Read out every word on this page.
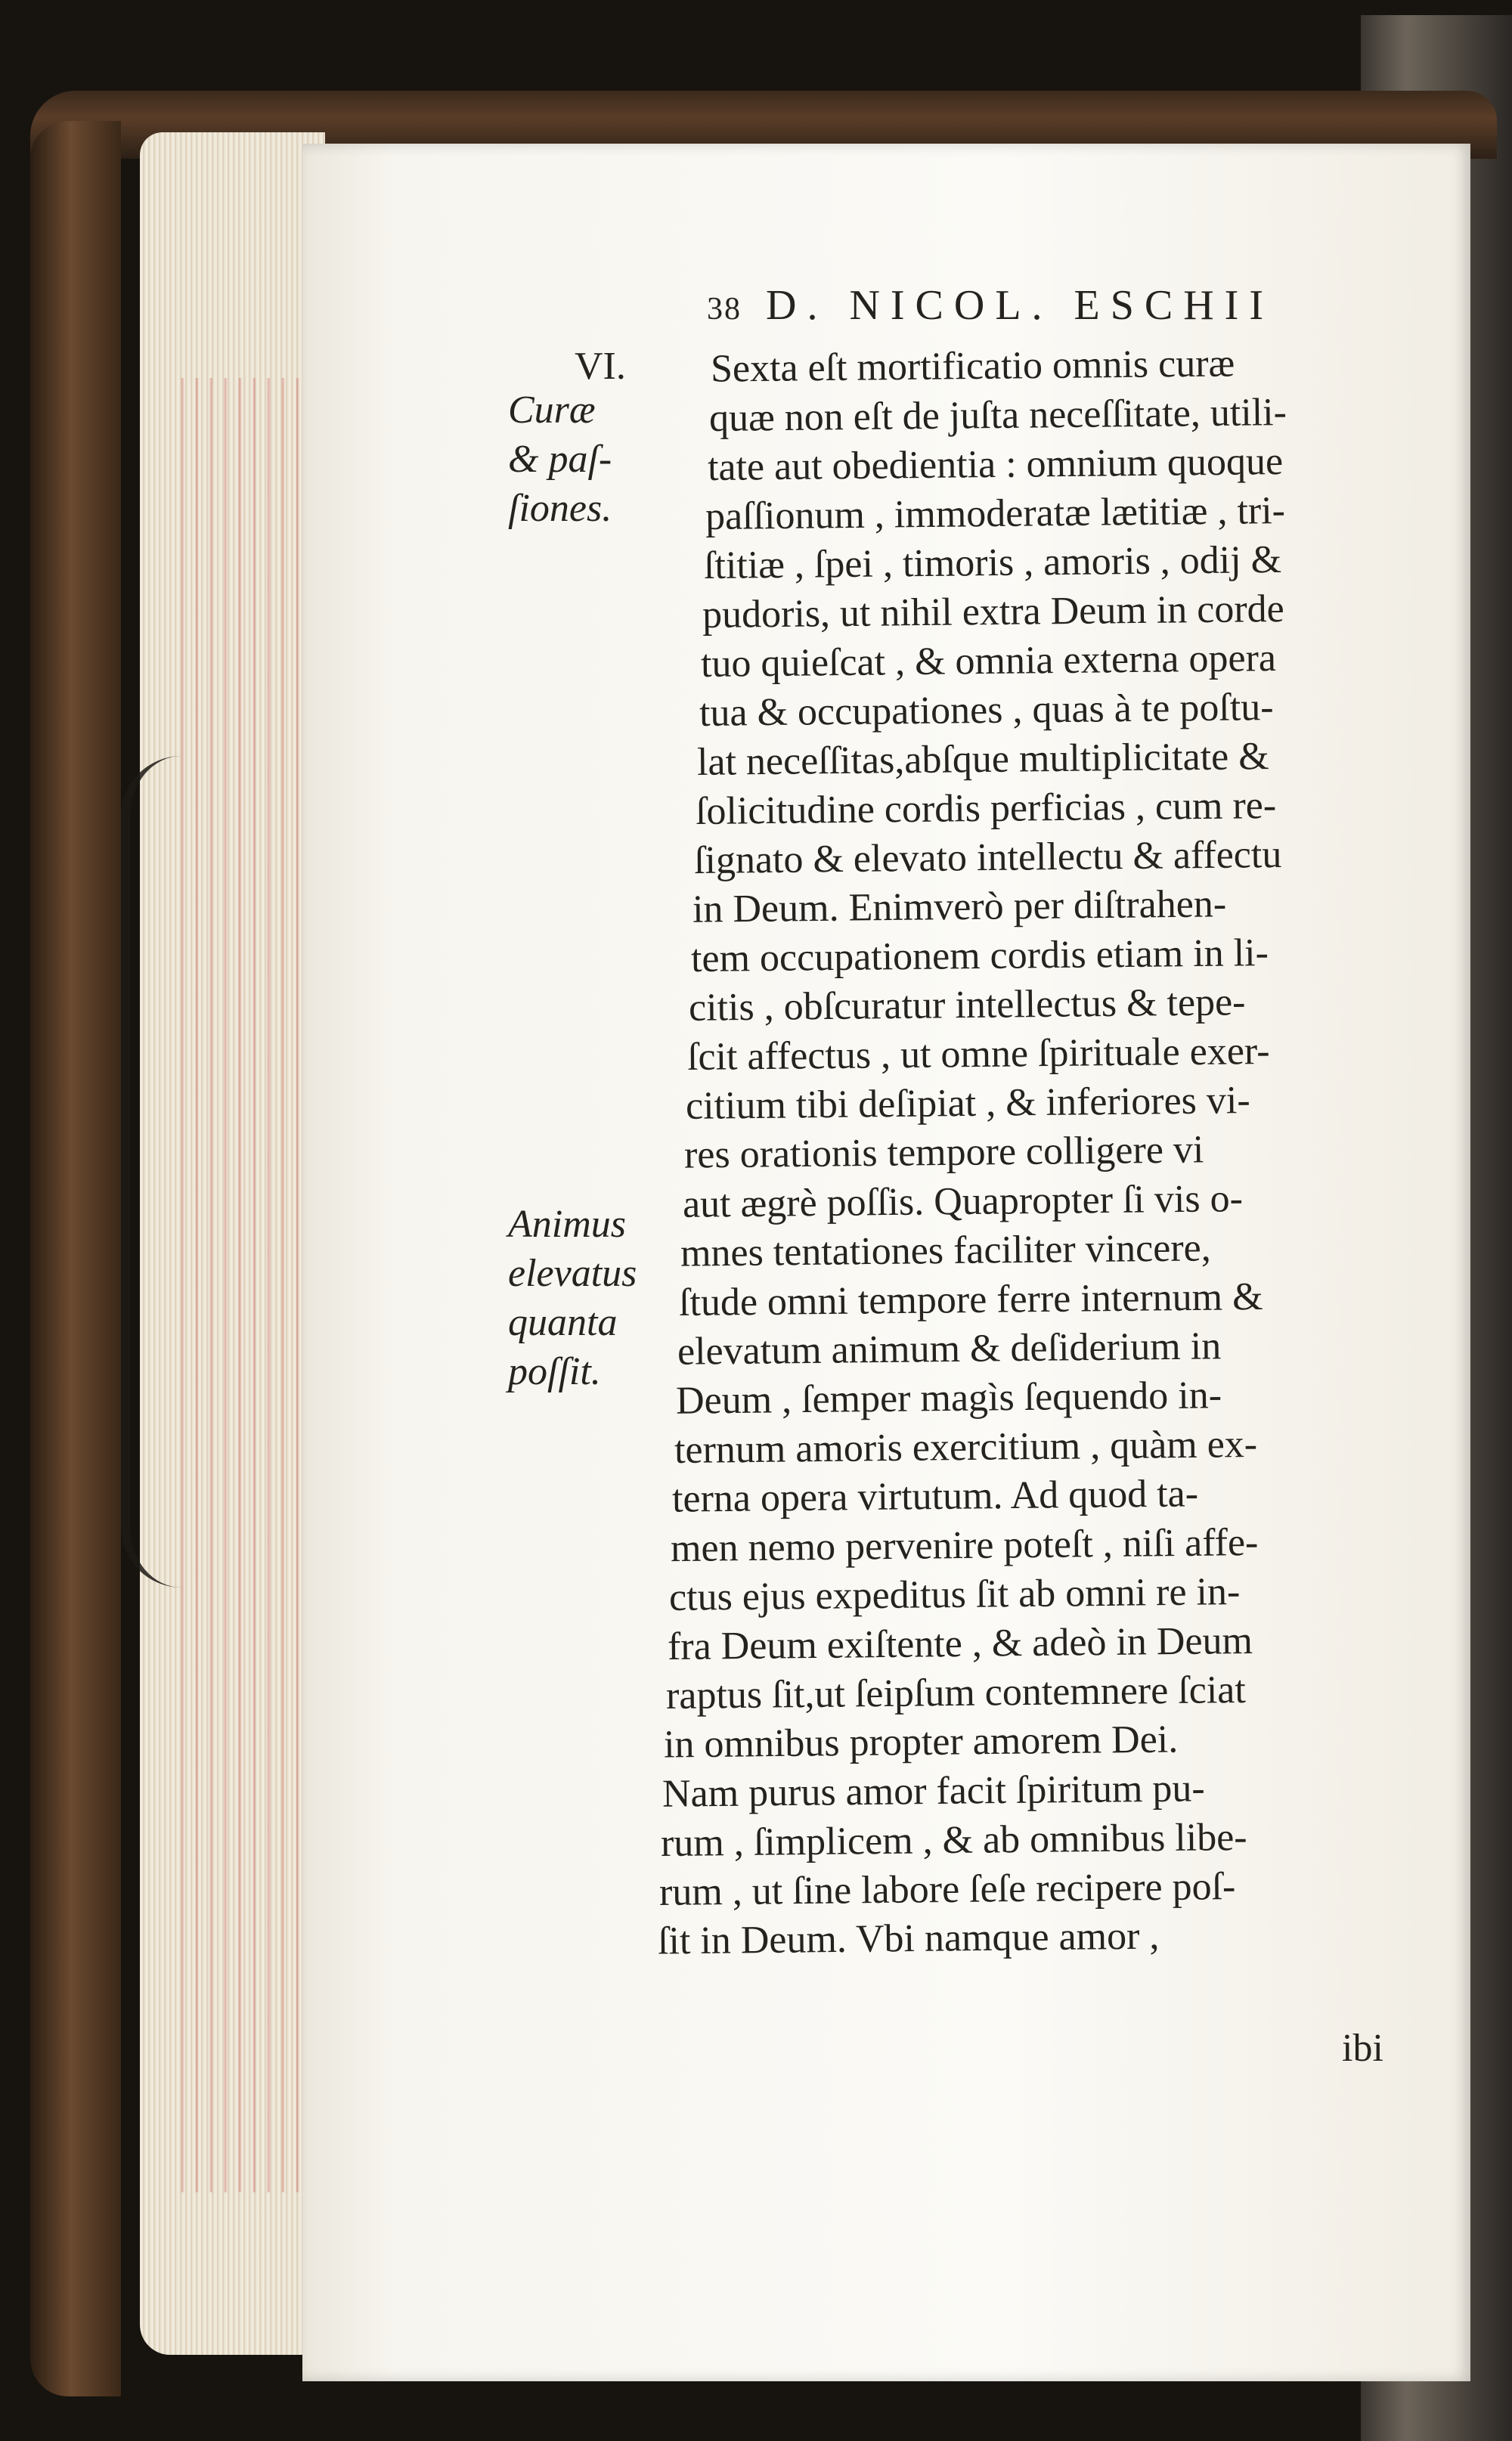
38 D. NICOL. ESCHII

VI.

Curæ

& paſ-

ſiones.

Animus

elevatus

quanta

poſſit.

Sexta eſt mortificatio omnis curæ

quæ non eſt de juſta neceſſitate, utili-

tate aut obedientia : omnium quoque

paſſionum , immoderatæ lætitiæ , tri-

ſtitiæ , ſpei , timoris , amoris , odij &

pudoris, ut nihil extra Deum in corde

tuo quieſcat , & omnia externa opera

tua & occupationes , quas à te poſtu-

lat neceſſitas,abſque multiplicitate &

ſolicitudine cordis perficias , cum re-

ſignato & elevato intellectu & affectu

in Deum. Enimverò per diſtrahen-

tem occupationem cordis etiam in li-

citis , obſcuratur intellectus & tepe-

ſcit affectus , ut omne ſpirituale exer-

citium tibi deſipiat , & inferiores vi-

res orationis tempore colligere vi

aut ægrè poſſis. Quapropter ſi vis o-

mnes tentationes faciliter vincere,

ſtude omni tempore ferre internum &

elevatum animum & deſiderium in

Deum , ſemper magìs ſequendo in-

ternum amoris exercitium , quàm ex-

terna opera virtutum. Ad quod ta-

men nemo pervenire poteſt , niſi affe-

ctus ejus expeditus ſit ab omni re in-

fra Deum exiſtente , & adeò in Deum

raptus ſit,ut ſeipſum contemnere ſciat

in omnibus propter amorem Dei.

Nam purus amor facit ſpiritum pu-

rum , ſimplicem , & ab omnibus libe-

rum , ut ſine labore ſeſe recipere poſ-

ſit in Deum. Vbi namque amor ,

ibi
